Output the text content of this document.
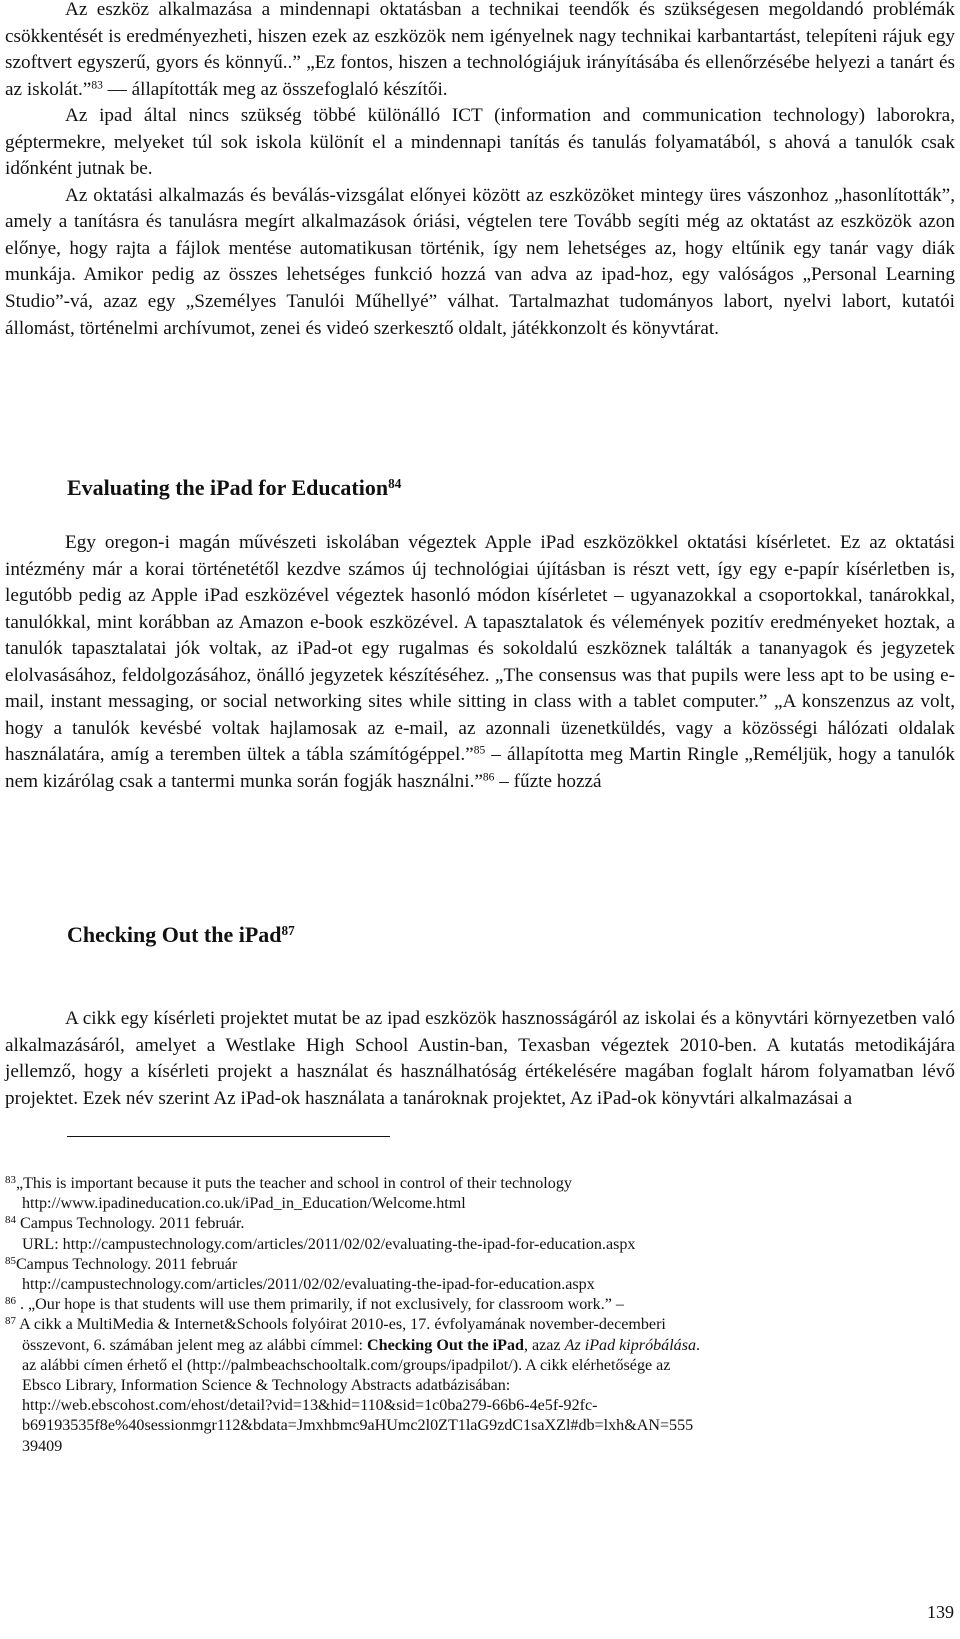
Az eszköz alkalmazása a mindennapi oktatásban a technikai teendők és szükségesen megoldandó problémák csökkentését is eredményezheti, hiszen ezek az eszközök nem igényelnek nagy technikai karbantartást, telepíteni rájuk egy szoftvert egyszerű, gyors és könnyű..” „Ez fontos, hiszen a technológiájuk irányításába és ellenőrzésébe helyezi a tanárt és az iskolát.”$^{83}$ –– állapították meg az összefoglaló készítői.

Az ipad által nincs szükség többé különálló ICT (information and communication technology) laborokra, géptermekre, melyeket túl sok iskola különít el a mindennapi tanítás és tanulás folyamatából, s ahová a tanulók csak időnként jutnak be.

Az oktatási alkalmazás és beválás-vizsgálat előnyei között az eszközöket mintegy üres vászonhoz „hasonlították”, amely a tanításra és tanulásra megírt alkalmazások óriási, végtelen tere Tovább segíti még az oktatást az eszközök azon előnye, hogy rajta a fájlok mentése automatikusan történik, így nem lehetséges az, hogy eltűnik egy tanár vagy diák munkája. Amikor pedig az összes lehetséges funkció hozzá van adva az ipad-hoz, egy valóságos „Personal Learning Studio”-vá, azaz egy „Személyes Tanulói Műhellyé” válhat. Tartalmazhat tudományos labort, nyelvi labort, kutatói állomást, történelmi archívumot, zenei és videó szerkesztő oldalt, játékkonzolt és könyvtárat.

Evaluating the iPad for Education$^{84}$

Egy oregon-i magán művészeti iskolában végeztek Apple iPad eszközökkel oktatási kísérletet. Ez az oktatási intézmény már a korai történetétől kezdve számos új technológiai újításban is részt vett, így egy e-papír kísérletben is, legutóbb pedig az Apple iPad eszközével végeztek hasonló módon kísérletet – ugyanazokkal a csoportokkal, tanárokkal, tanulókkal, mint korábban az Amazon e-book eszközével. A tapasztalatok és vélemények pozitív eredményeket hoztak, a tanulók tapasztalatai jók voltak, az iPad-ot egy rugalmas és sokoldalú eszköznek találták a tananyagok és jegyzetek elolvasásához, feldolgozásához, önálló jegyzetek készítéséhez. „The consensus was that pupils were less apt to be using e-mail, instant messaging, or social networking sites while sitting in class with a tablet computer.” „A konszenzus az volt, hogy a tanulók kevésbé voltak hajlamosak az e-mail, az azonnali üzenetküldés, vagy a közösségi hálózati oldalak használatára, amíg a teremben ültek a tábla számítógéppel.”$^{85}$ – állapította meg Martin Ringle „Reméljük, hogy a tanulók nem kizárólag csak a tantermi munka során fogják használni.”$^{86}$ – fűzte hozzá

Checking Out the iPad$^{87}$

A cikk egy kísérleti projektet mutat be az ipad eszközök hasznosságáról az iskolai és a könyvtári környezetben való alkalmazásáról, amelyet a Westlake High School Austin-ban, Texasban végeztek 2010-ben. A kutatás metodikájára jellemző, hogy a kísérleti projekt a használat és használhatóság értékelésére magában foglalt három folyamatban lévő projektet. Ezek név szerint Az iPad-ok használata a tanároknak projektet, Az iPad-ok könyvtári alkalmazásai a

$^{83}$„This is important because it puts the teacher and school in control of their technology
http://www.ipadineducation.co.uk/iPad_in_Education/Welcome.html
$^{84}$ Campus Technology. 2011 február.
URL: http://campustechnology.com/articles/2011/02/02/evaluating-the-ipad-for-education.aspx
$^{85}$Campus Technology. 2011 február
http://campustechnology.com/articles/2011/02/02/evaluating-the-ipad-for-education.aspx
$^{86}$ . „Our hope is that students will use them primarily, if not exclusively, for classroom work.” –
$^{87}$ A cikk a MultiMedia & Internet&Schools folyóirat 2010-es, 17. évfolyamának november-decemberi
összevont, 6. számában jelent meg az alábbi címmel: Checking Out the iPad, azaz Az iPad kipróbálása.
az alábbi címen érhető el (http://palmbeachschooltalk.com/groups/ipadpilot/). A cikk elérhetősége az
Ebsco Library, Information Science & Technology Abstracts adatbázisában:
http://web.ebscohost.com/ehost/detail?vid=13&hid=110&sid=1c0ba279-66b6-4e5f-92fc-
b69193535f8e%40sessionmgr112&bdata=Jmxhbmc9aHUmc2l0ZT1laG9zdC1saXZl#db=lxh&AN=555
39409
139
